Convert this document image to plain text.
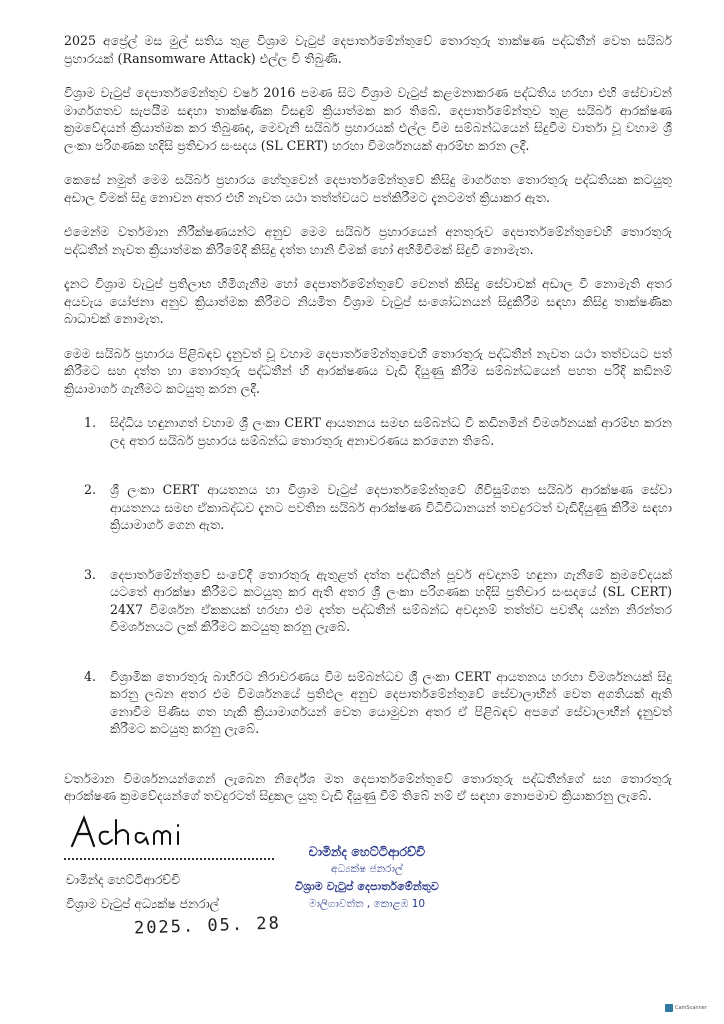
2025 අප්‍රේල් මස මුල් සතිය තුළ විශ්‍රාම වැටුප් දෙපාර්තමේන්තුවේ තොරතුරු තාක්ෂණ පද්ධතීන් වෙත සයිබර් ප්‍රහාරයක් (Ransomware Attack) එල්ල වී තිබුණි.

විශ්‍රාම වැටුප් දෙපාර්තමේන්තුව වර්ෂ 2016 පමණ සිට විශ්‍රාම වැටුප් කළමනාකරණ පද්ධතිය හරහා එහි සේවාවන් මාර්ගගතව සැපයීම සඳහා තාක්ෂණික විසඳුම් ක්‍රියාත්මක කර තිබේ. දෙපාර්තමේන්තුව තුළ සයිබර් ආරක්ෂණ ක්‍රමවේදයන් ක්‍රියාත්මක කර තිබුණද, මෙවැනි සයිබර් ප්‍රහාරයක් එල්ල වීම සම්බන්ධයෙන් සිදුවීම වාර්තා වූ වහාම ශ්‍රී ලංකා පරිගණක හදිසි ප්‍රතිචාර සංසදය (SL CERT) හරහා විමර්ශනයක් ආරම්භ කරන ලදී.

කෙසේ නමුත් මෙම සයිබර් ප්‍රහාරය හේතුවෙන් දෙපාර්තමේන්තුවේ කිසිදු මාර්ගගත තොරතුරු පද්ධතියක කටයුතු අඩාල වීමක් සිදු නොවන අතර එහි නැවත යථා තත්ත්වයට පත්කිරීමට දැනටමත් ක්‍රියාකර ඇත.

එමෙන්ම වර්තමාන නිරීක්ෂණයන්ට අනුව මෙම සයිබර් ප්‍රහාරයෙන් අනතුරුව දෙපාර්තමේන්තුවෙහි තොරතුරු පද්ධතීන් නැවත ක්‍රියාත්මක කිරීමේදී කිසිදු දත්ත හානි වීමක් හෝ අහිමිවීමක් සිදුවී නොමැත.

දැනට විශ්‍රාම වැටුප් ප්‍රතිලාභ හිමිගැනීම හෝ දෙපාර්තමේන්තුවේ වෙනත් කිසිදු සේවාවක් අඩාල වී නොමැති අතර අයවැය යෝජනා අනුව ක්‍රියාත්මක කිරීමට නියමිත විශ්‍රාම වැටුප් සංශෝධනයන් සිදුකිරීම සඳහා කිසිදු තාක්ෂණික බාධාවක් නොමැත.

මෙම සයිබර් ප්‍රහාරය පිළිබඳව දැනුවත් වූ වහාම දෙපාර්තමේන්තුවෙහි තොරතුරු පද්ධතීන් නැවත යථා තත්වයට පත් කිරීමට සහ දත්ත හා තොරතුරු පද්ධතීන් හි ආරක්ෂණය වැඩි දියුණු කිරීම සම්බන්ධයෙන් පහත පරිදි කඩිනම් ක්‍රියාමාර්ග ගැනීමට කටයුතු කරන ලදී.

1. සිද්ධිය හඳුනාගත් වහාම ශ්‍රී ලංකා CERT ආයතනය සමඟ සම්බන්ධ වී කඩිනමින් විමර්ශනයක් ආරම්භ කරන ලද අතර සයිබර් ප්‍රහාරය සම්බන්ධ තොරතුරු අනාවරණය කරගෙන තිබේ.
2. ශ්‍රී ලංකා CERT ආයතනය හා විශ්‍රාම වැටුප් දෙපාර්තමේන්තුවේ ගිවිසුම්ගත සයිබර් ආරක්ෂණ සේවා ආයතනය සමඟ ඒකාබද්ධව දැනට පවතින සයිබර් ආරක්ෂණ විධිවිධානයන් තවදුරටත් වැඩිදියුණු කිරීම සඳහා ක්‍රියාමාර්ග ගෙන ඇත.
3. දෙපාර්තමේන්තුවේ සංවේදී තොරතුරු ඇතුළත් දත්ත පද්ධතීන් පූර්ව අවදානම් හඳුනා ගැනීමේ ක්‍රමවේදයක් යටතේ ආරක්ෂා කිරීමට කටයුතු කර ඇති අතර ශ්‍රී ලංකා පරිගණක හදිසි ප්‍රතිචාර සංසදයේ (SL CERT) 24X7 විමර්ශන ඒකකයක් හරහා එම දත්ත පද්ධතීන් සම්බන්ධ අවදානම් තත්ත්ව පවතීද යන්න නිරන්තර විමර්ශනයට ලක් කිරීමට කටයුතු කරනු ලැබේ.
4. විශ්‍රාමික තොරතුරු බාහිරට නිරාවරණය වීම සම්බන්ධව ශ්‍රී ලංකා CERT ආයතනය හරහා විමර්ශනයක් සිදු කරනු ලබන අතර එම විමර්ශනයේ ප්‍රතිඵල අනුව දෙපාර්තමේන්තුවේ සේවාලාභීන් වෙත අගතියක් ඇති නොවීම පිණිස ගත හැකි ක්‍රියාමාර්ගයන් වෙත යොමුවන අතර ඒ පිළිබඳව අපගේ සේවාලාභීන් දැනුවත් කිරීමට කටයුතු කරනු ලැබේ.

වර්තමාන විමර්ශනයන්ගෙන් ලැබෙන නිර්දේශ මත දෙපාර්තමේන්තුවේ තොරතුරු පද්ධතීන්ගේ සහ තොරතුරු ආරක්ෂණ ක්‍රමවේදයන්ගේ තවදුරටත් සිදුකල යුතු වැඩි දියුණු වීම් තිබේ නම් ඒ සඳහා නොපමාව ක්‍රියාකරනු ලැබේ.

චාමින්ද හෙට්ටිආරච්චි
විශ්‍රාම වැටුප් අධ්‍යක්ෂ ජනරාල්
2025. 05. 28
චාමින්ද හෙට්ටිආරච්චි
අධ්‍යක්ෂ ජනරාල්
විශ්‍රාම වැටුප් දෙපාර්තමේන්තුව
මාලිගාවත්ත , කොළඹ 10
CamScanner
